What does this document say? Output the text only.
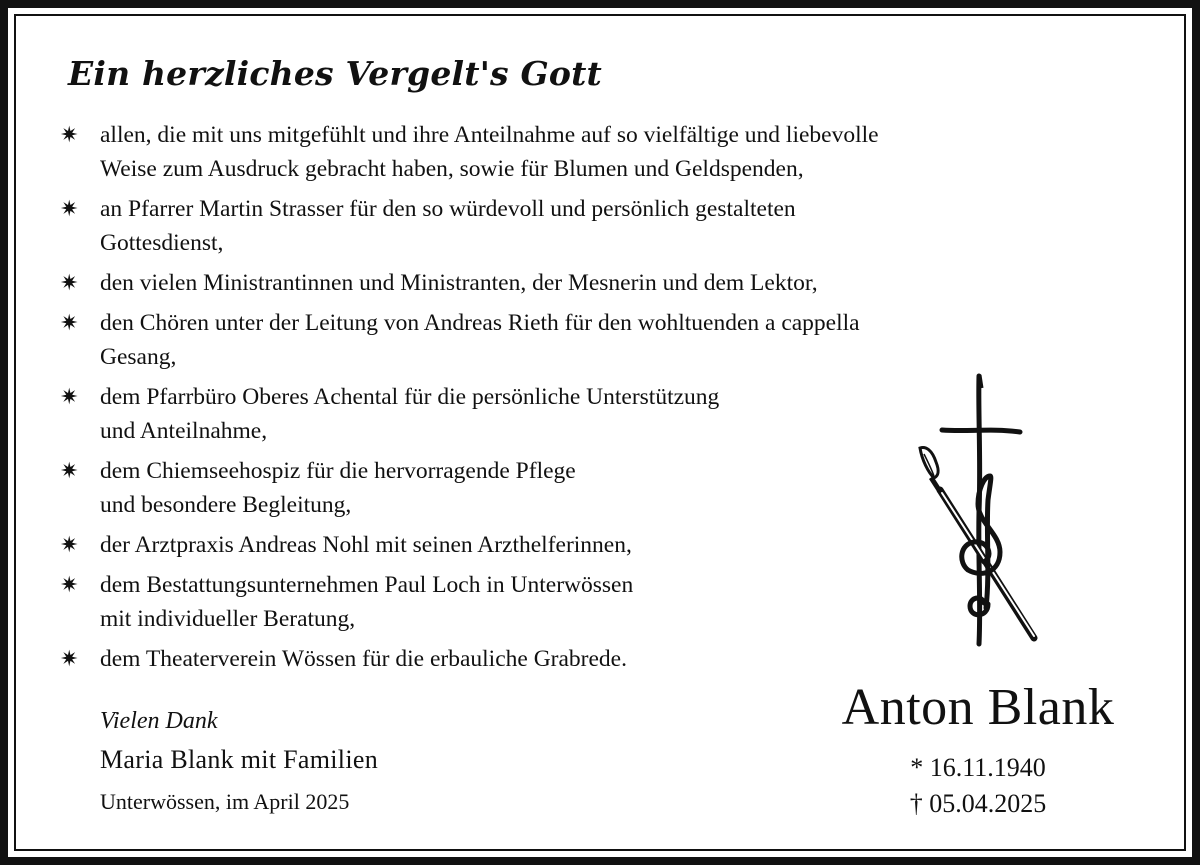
Ein herzliches Vergelt's Gott
✷ allen, die mit uns mitgefühlt und ihre Anteilnahme auf so vielfältige und liebevolle
Weise zum Ausdruck gebracht haben, sowie für Blumen und Geldspenden,
✷ an Pfarrer Martin Strasser für den so würdevoll und persönlich gestalteten
Gottesdienst,
✷ den vielen Ministrantinnen und Ministranten, der Mesnerin und dem Lektor,
✷ den Chören unter der Leitung von Andreas Rieth für den wohltuenden a cappella
Gesang,
✷ dem Pfarrbüro Oberes Achental für die persönliche Unterstützung
und Anteilnahme,
✷ dem Chiemseehospiz für die hervorragende Pflege
und besondere Begleitung,
✷ der Arztpraxis Andreas Nohl mit seinen Arzthelferinnen,
✷ dem Bestattungsunternehmen Paul Loch in Unterwössen
mit individueller Beratung,
✷ dem Theaterverein Wössen für die erbauliche Grabrede.

Vielen Dank

Maria Blank mit Familien

Unterwössen, im April 2025

Anton Blank

* 16.11.1940
† 05.04.2025
